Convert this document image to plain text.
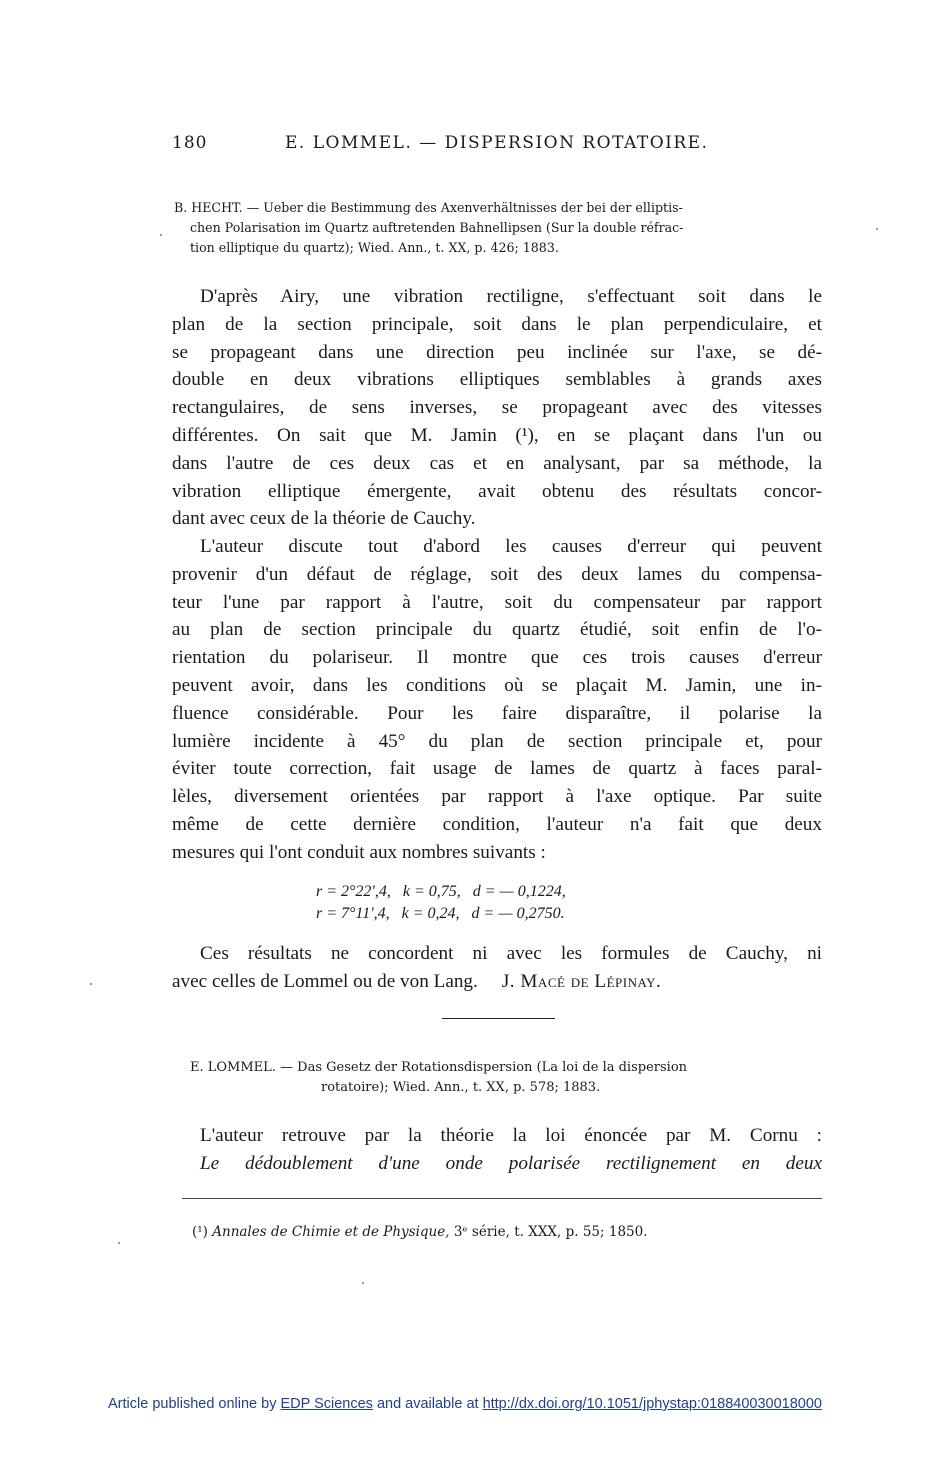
180	E. LOMMEL. — DISPERSION ROTATOIRE.
B. HECHT. — Ueber die Bestimmung des Axenverhältnisses der bei der elliptis-
chen Polarisation im Quartz auftretenden Bahnellipsen (Sur la double réfrac-
tion elliptique du quartz); Wied. Ann., t. XX, p. 426; 1883.
D'après Airy, une vibration rectiligne, s'effectuant soit dans le
plan de la section principale, soit dans le plan perpendiculaire, et
se propageant dans une direction peu inclinée sur l'axe, se dé-
double en deux vibrations elliptiques semblables à grands axes
rectangulaires, de sens inverses, se propageant avec des vitesses
différentes. On sait que M. Jamin (¹), en se plaçant dans l'un ou
dans l'autre de ces deux cas et en analysant, par sa méthode, la
vibration elliptique émergente, avait obtenu des résultats concor-
dant avec ceux de la théorie de Cauchy.
L'auteur discute tout d'abord les causes d'erreur qui peuvent
provenir d'un défaut de réglage, soit des deux lames du compensa-
teur l'une par rapport à l'autre, soit du compensateur par rapport
au plan de section principale du quartz étudié, soit enfin de l'o-
rientation du polariseur. Il montre que ces trois causes d'erreur
peuvent avoir, dans les conditions où se plaçait M. Jamin, une in-
fluence considérable. Pour les faire disparaître, il polarise la
lumière incidente à 45° du plan de section principale et, pour
éviter toute correction, fait usage de lames de quartz à faces paral-
lèles, diversement orientées par rapport à l'axe optique. Par suite
même de cette dernière condition, l'auteur n'a fait que deux
mesures qui l'ont conduit aux nombres suivants :
r = 2°22',4,   k = 0,75,   d = — 0,1224,
r = 7°11',4,   k = 0,24,   d = — 0,2750.
Ces résultats ne concordent ni avec les formules de Cauchy, ni
avec celles de Lommel ou de von Lang. J. Macé de Lépinay.
E. LOMMEL. — Das Gesetz der Rotationsdispersion (La loi de la dispersion
rotatoire); Wied. Ann., t. XX, p. 578; 1883.
L'auteur retrouve par la théorie la loi énoncée par M. Cornu :
Le dédoublement d'une onde polarisée rectilignement en deux
(¹) Annales de Chimie et de Physique, 3ᵉ série, t. XXX, p. 55; 1850.
Article published online by EDP Sciences and available at http://dx.doi.org/10.1051/jphystap:018840030018000
